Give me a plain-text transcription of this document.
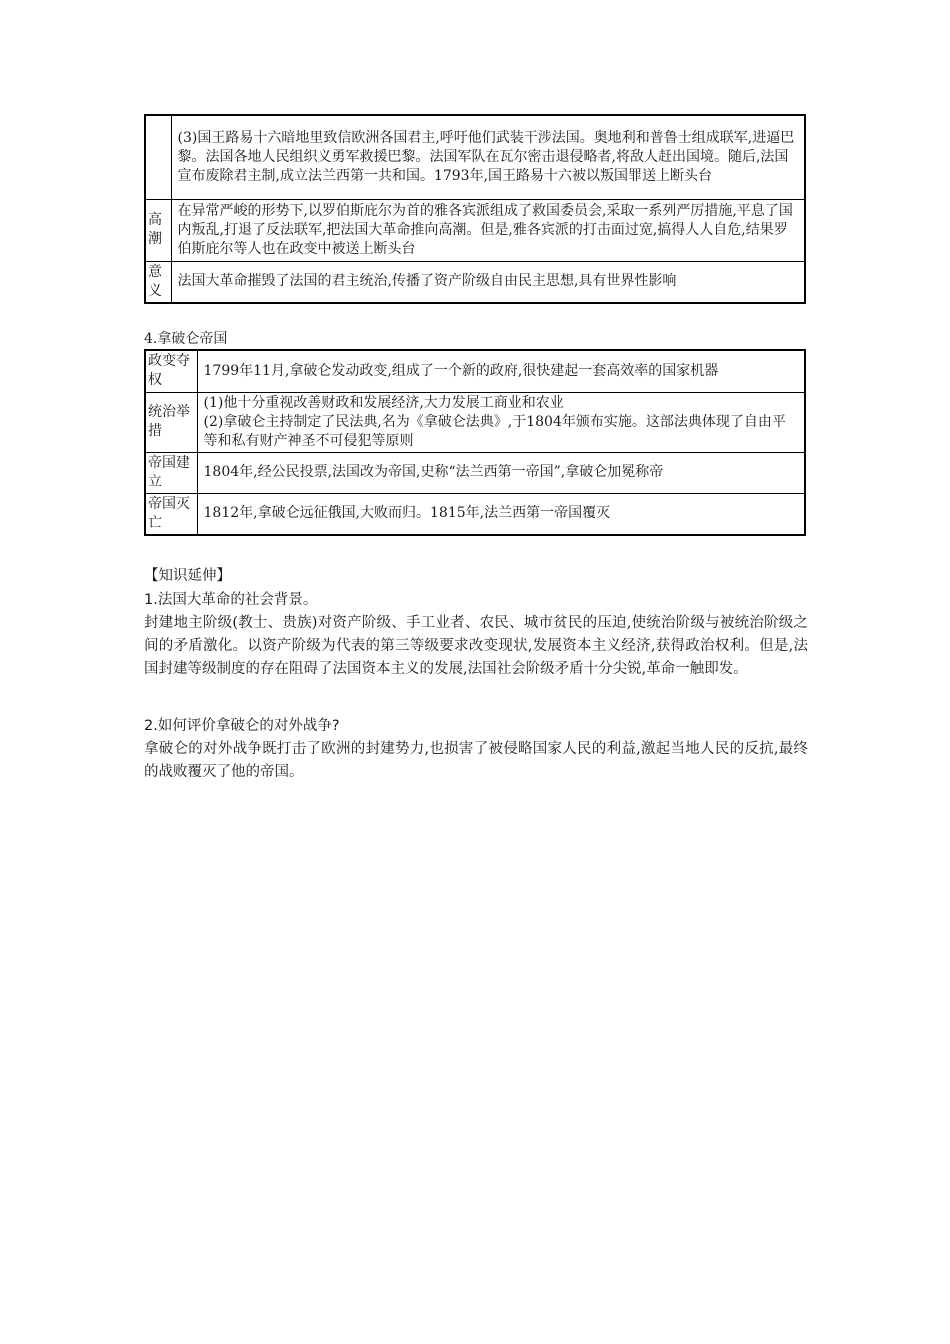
	(3)国王路易十六暗地里致信欧洲各国君主,呼吁他们武装干涉法国。奥地利和普鲁士组成联军,进逼巴黎。法国各地人民组织义勇军救援巴黎。法国军队在瓦尔密击退侵略者,将敌人赶出国境。随后,法国宣布废除君主制,成立法兰西第一共和国。1793年,国王路易十六被以叛国罪送上断头台
高潮	在异常严峻的形势下,以罗伯斯庇尔为首的雅各宾派组成了救国委员会,采取一系列严厉措施,平息了国内叛乱,打退了反法联军,把法国大革命推向高潮。但是,雅各宾派的打击面过宽,搞得人人自危,结果罗伯斯庇尔等人也在政变中被送上断头台
意义	法国大革命摧毁了法国的君主统治,传播了资产阶级自由民主思想,具有世界性影响
4.拿破仑帝国
政变夺权	1799年11月,拿破仑发动政变,组成了一个新的政府,很快建起一套高效率的国家机器

统治举措	(1)他十分重视改善财政和发展经济,大力发展工商业和农业
(2)拿破仑主持制定了民法典,名为《拿破仑法典》,于1804年颁布实施。这部法典体现了自由平等和私有财产神圣不可侵犯等原则

帝国建立	1804年,经公民投票,法国改为帝国,史称“法兰西第一帝国”,拿破仑加冕称帝

帝国灭亡	1812年,拿破仑远征俄国,大败而归。1815年,法兰西第一帝国覆灭
【知识延伸】
1.法国大革命的社会背景。
封建地主阶级(教士、贵族)对资产阶级、手工业者、农民、城市贫民的压迫,使统治阶级与被统治阶级之间的矛盾激化。以资产阶级为代表的第三等级要求改变现状,发展资本主义经济,获得政治权利。但是,法国封建等级制度的存在阻碍了法国资本主义的发展,法国社会阶级矛盾十分尖锐,革命一触即发。
2.如何评价拿破仑的对外战争?
拿破仑的对外战争既打击了欧洲的封建势力,也损害了被侵略国家人民的利益,激起当地人民的反抗,最终的战败覆灭了他的帝国。
